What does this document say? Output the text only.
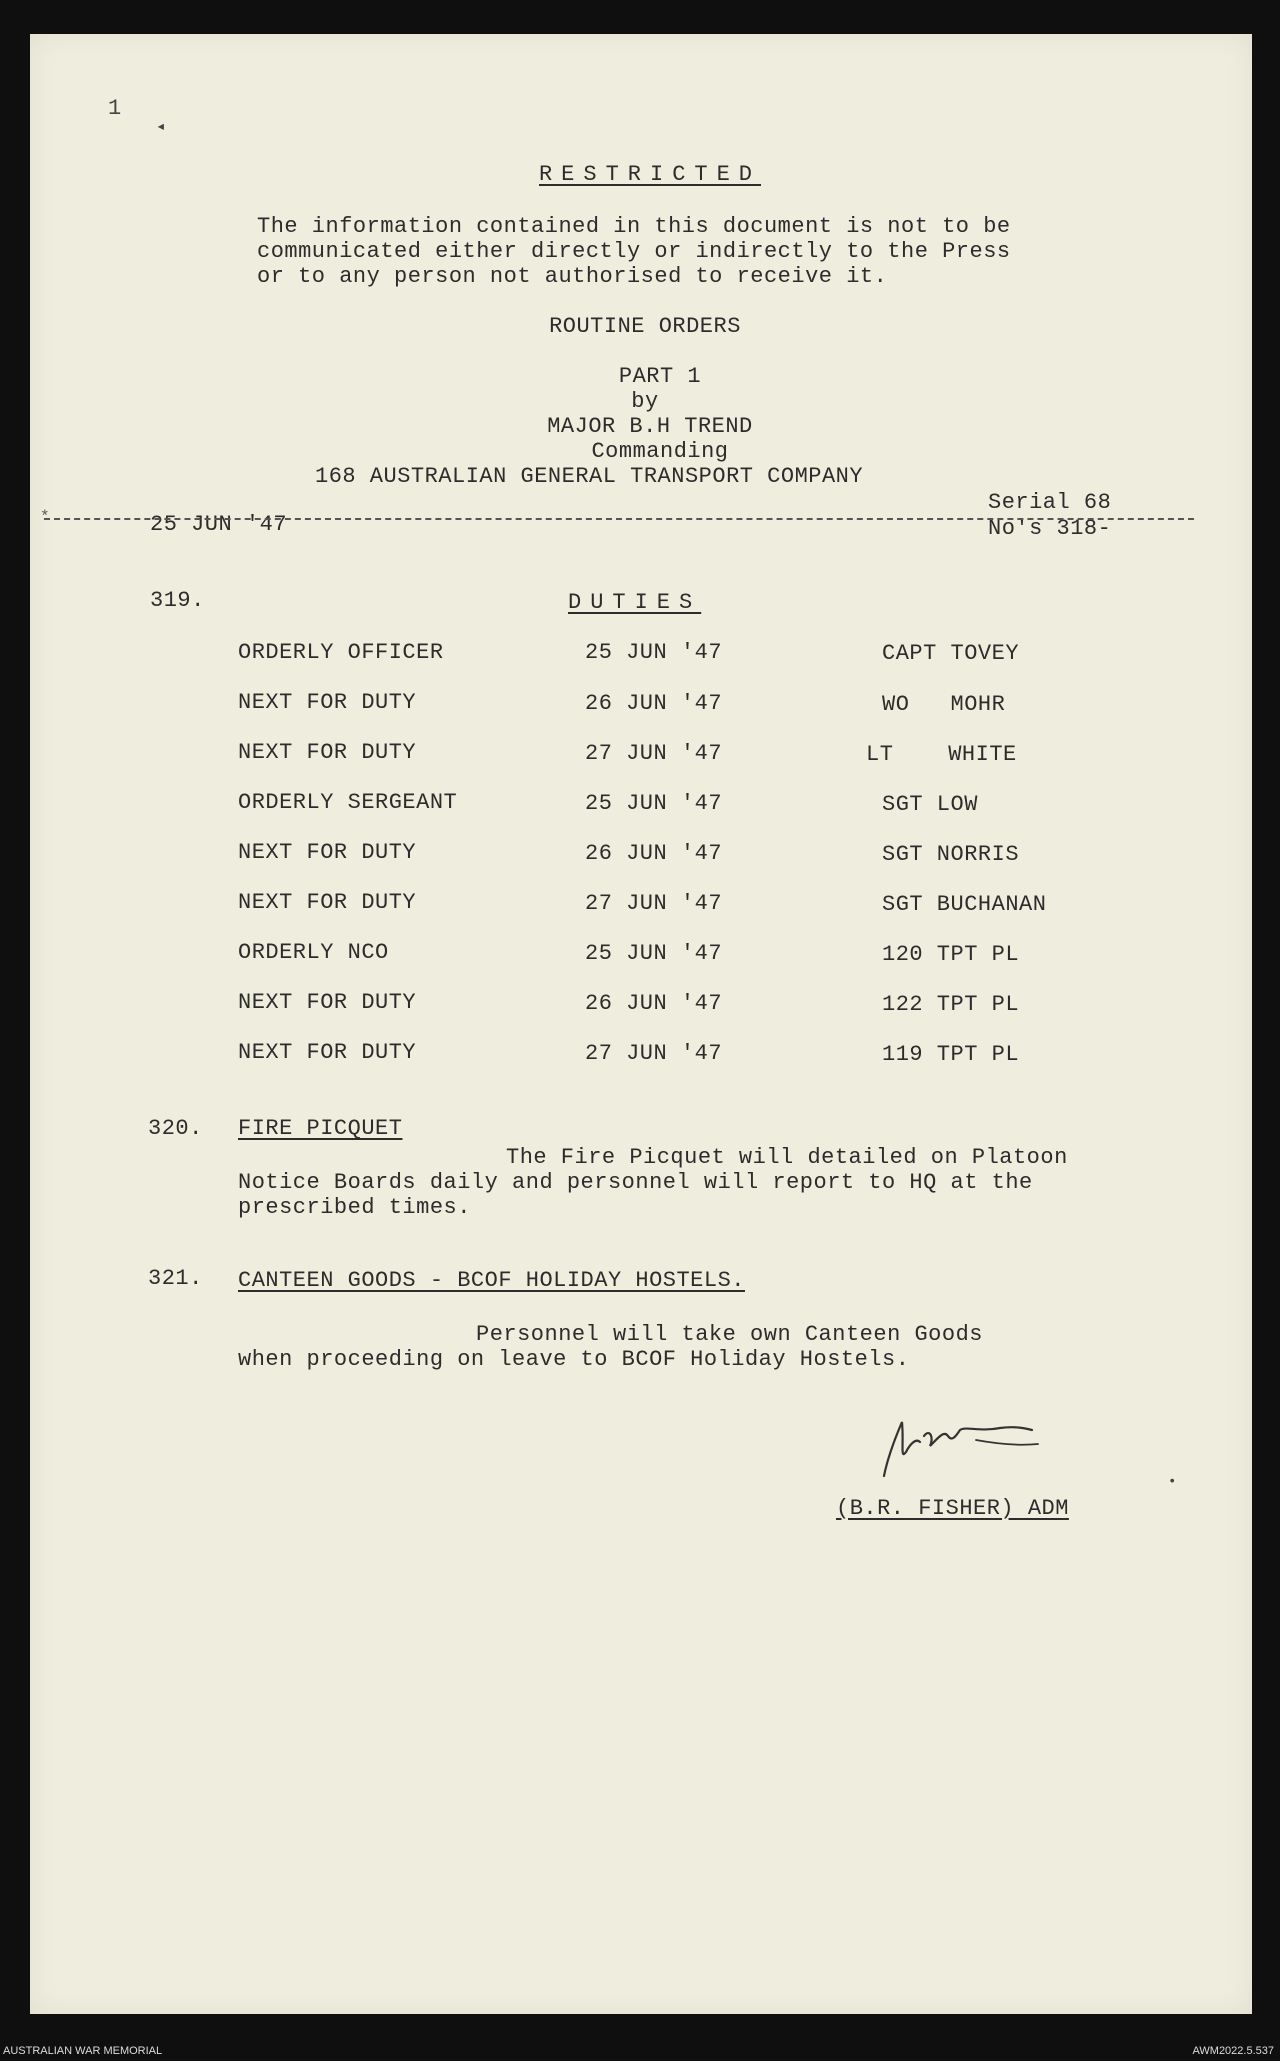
1
◂
RESTRICTED
The information contained in this document is not to be
communicated either directly or indirectly to the Press
or to any person not authorised to receive it.
ROUTINE ORDERS
PART 1
by
MAJOR B.H TREND
Commanding
168 AUSTRALIAN GENERAL TRANSPORT COMPANY
25 JUN '47
Serial 68
No's 318-
*
319.	DUTIES
ORDERLY OFFICER	25 JUN '47	CAPT TOVEY
NEXT FOR DUTY	26 JUN '47	WO   MOHR
NEXT FOR DUTY	27 JUN '47	LT    WHITE
ORDERLY SERGEANT	25 JUN '47	SGT LOW
NEXT FOR DUTY	26 JUN '47	SGT NORRIS
NEXT FOR DUTY	27 JUN '47	SGT BUCHANAN
ORDERLY NCO	25 JUN '47	120 TPT PL
NEXT FOR DUTY	26 JUN '47	122 TPT PL
NEXT FOR DUTY	27 JUN '47	119 TPT PL
320. FIRE PICQUET
The Fire Picquet will detailed on Platoon
Notice Boards daily and personnel will report to HQ at the
prescribed times.
321. CANTEEN GOODS - BCOF HOLIDAY HOSTELS.
Personnel will take own Canteen Goods
when proceeding on leave to BCOF Holiday Hostels.
(B.R. FISHER) ADM
•
AUSTRALIAN WAR MEMORIAL	AWM2022.5.537
